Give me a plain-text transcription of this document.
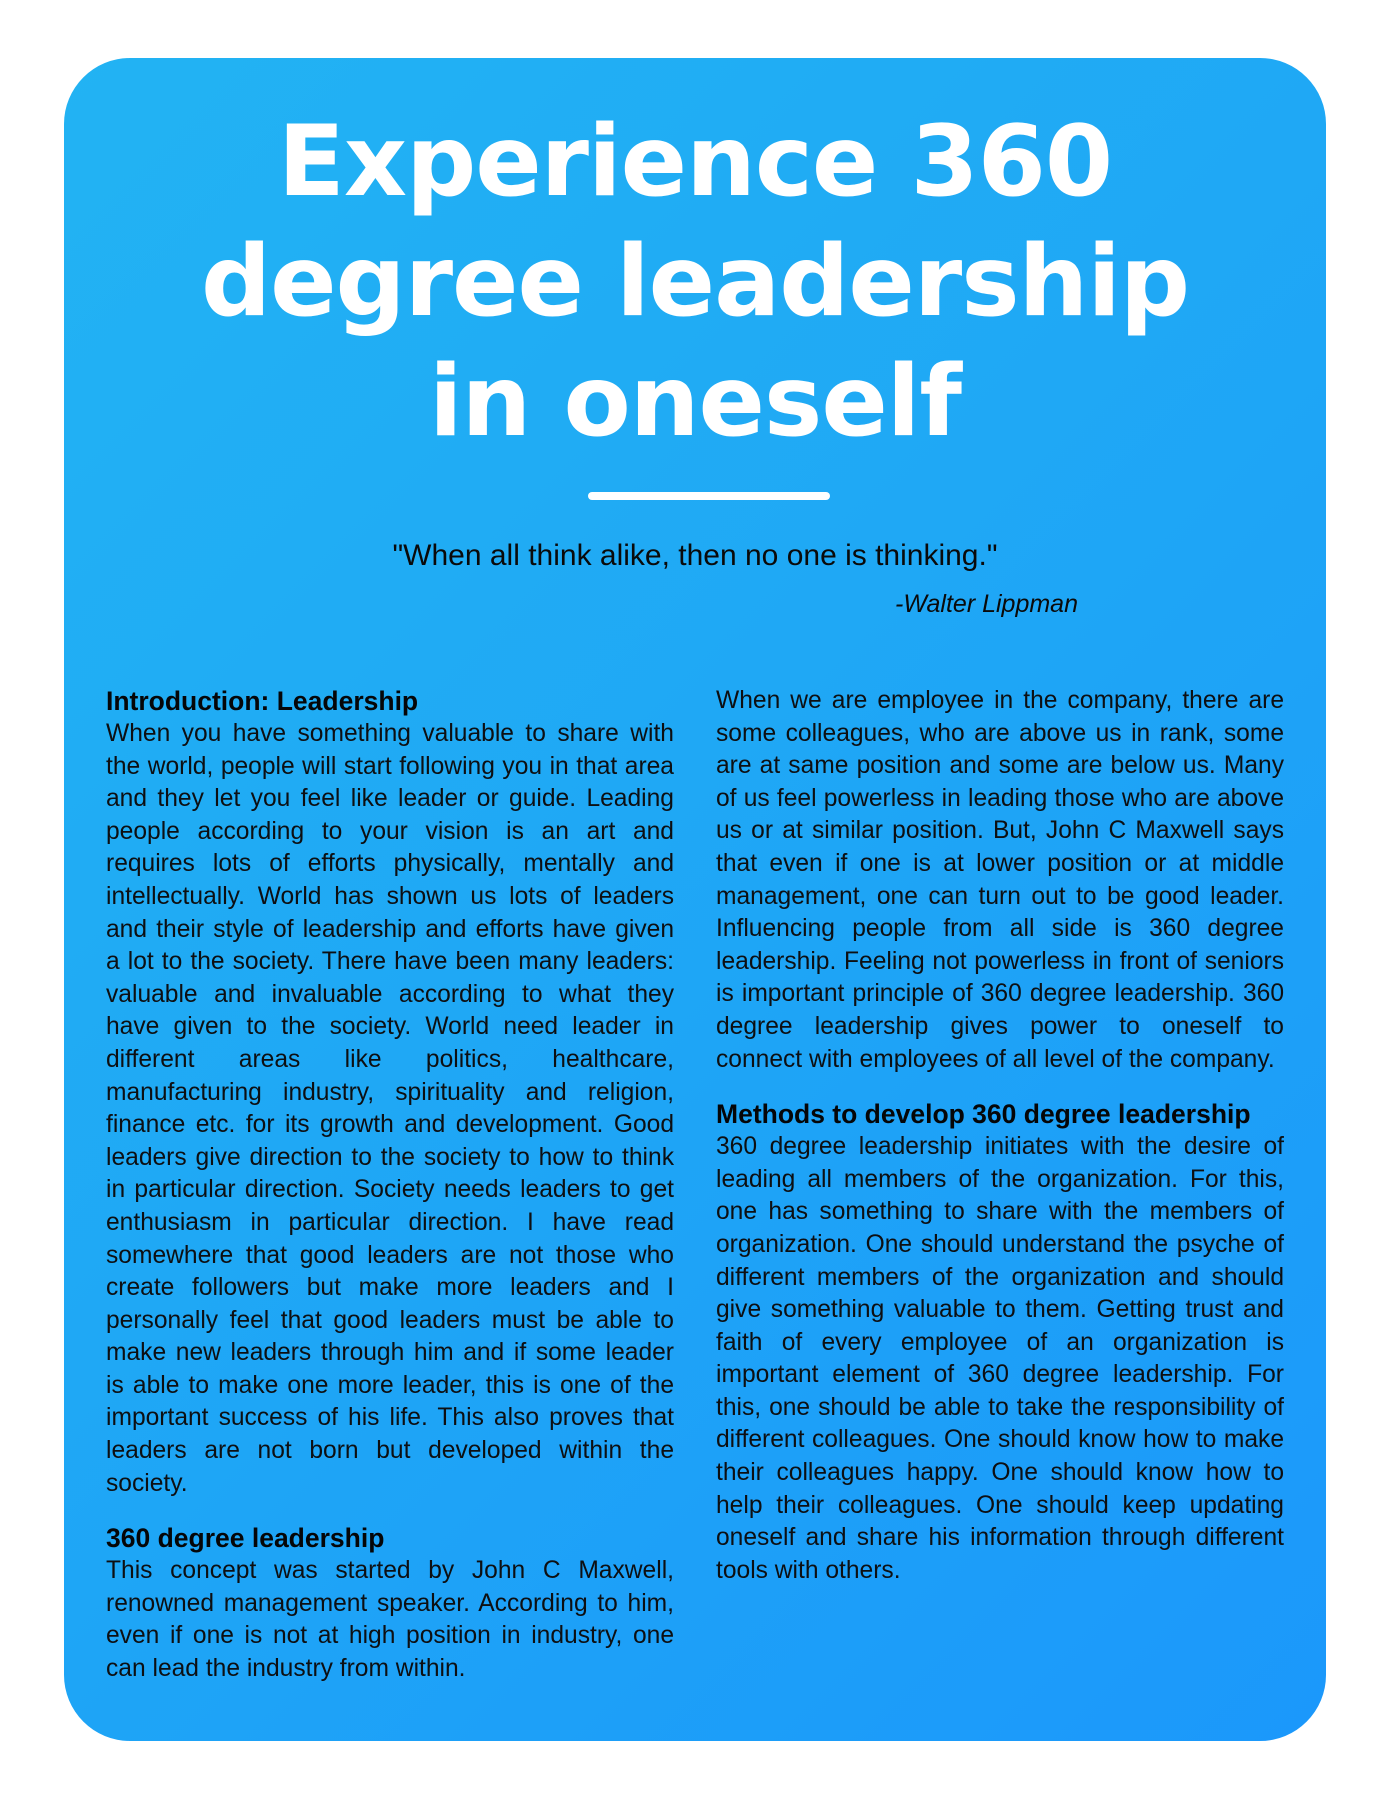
Experience 360
degree leadership
in oneself

"When all think alike, then no one is thinking."

-Walter Lippman

Introduction: Leadership

When you have something valuable to share with the world, people will start following you in that area and they let you feel like leader or guide. Leading people according to your vision is an art and requires lots of efforts physically, mentally and intellectually. World has shown us lots of leaders and their style of leadership and efforts have given a lot to the society. There have been many leaders: valuable and invaluable according to what they have given to the society. World need leader in different areas like politics, healthcare, manufacturing industry, spirituality and religion, finance etc. for its growth and development. Good leaders give direction to the society to how to think in particular direction. Society needs leaders to get enthusiasm in particular direction. I have read somewhere that good leaders are not those who create followers but make more leaders and I personally feel that good leaders must be able to make new leaders through him and if some leader is able to make one more leader, this is one of the important success of his life. This also proves that leaders are not born but developed within the society.

360 degree leadership

This concept was started by John C Maxwell, renowned management speaker. According to him, even if one is not at high position in industry, one can lead the industry from within.

When we are employee in the company, there are some colleagues, who are above us in rank, some are at same position and some are below us. Many of us feel powerless in leading those who are above us or at similar position. But, John C Maxwell says that even if one is at lower position or at middle management, one can turn out to be good leader. Influencing people from all side is 360 degree leadership. Feeling not powerless in front of seniors is important principle of 360 degree leadership. 360 degree leadership gives power to oneself to connect with employees of all level of the company.

Methods to develop 360 degree leadership

360 degree leadership initiates with the desire of leading all members of the organization. For this, one has something to share with the members of organization. One should understand the psyche of different members of the organization and should give something valuable to them. Getting trust and faith of every employee of an organization is important element of 360 degree leadership. For this, one should be able to take the responsibility of different colleagues. One should know how to make their colleagues happy. One should know how to help their colleagues. One should keep updating oneself and share his information through different tools with others.
